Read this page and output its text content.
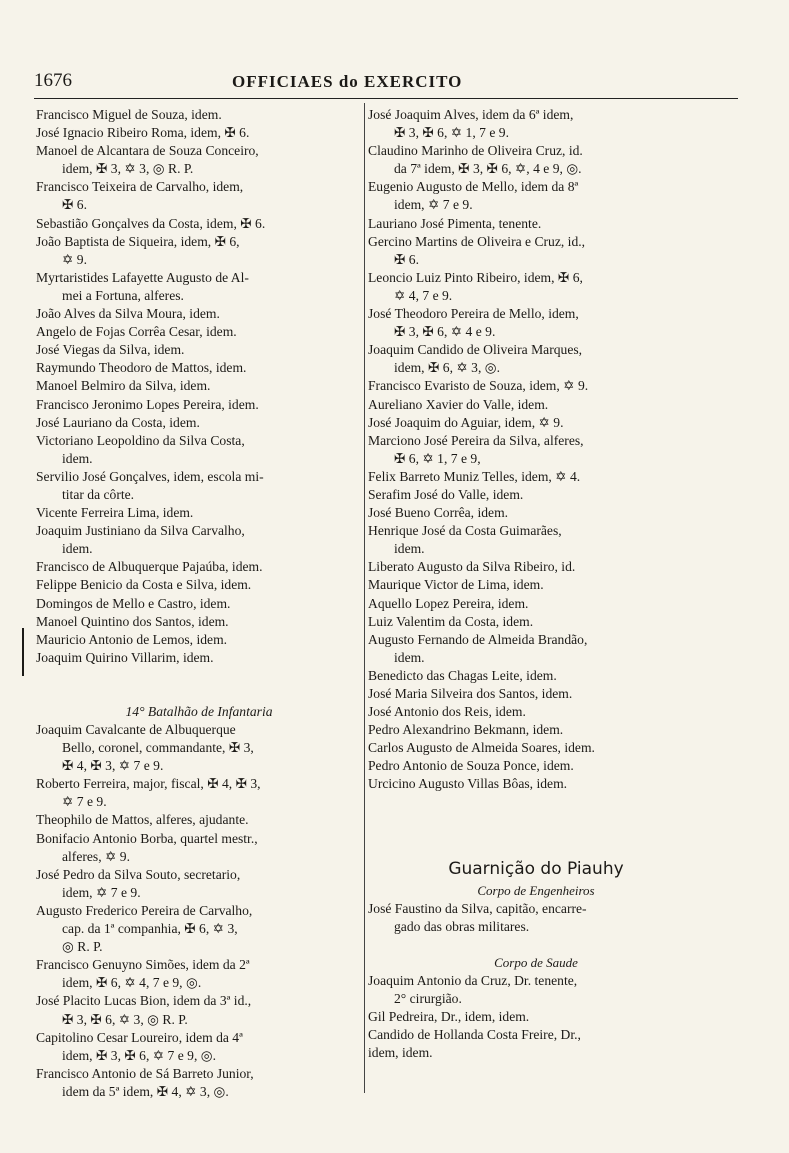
1676	OFFICIAES do EXERCITO
Francisco Miguel de Souza, idem.
José Ignacio Ribeiro Roma, idem, ✠ 6.
Manoel de Alcantara de Souza Conceiro,
idem, ✠ 3, ✡ 3, ◎ R. P.
Francisco Teixeira de Carvalho, idem,
✠ 6.
Sebastião Gonçalves da Costa, idem, ✠ 6.
João Baptista de Siqueira, idem, ✠ 6,
✡ 9.
Myrtaristides Lafayette Augusto de Al-
mei a Fortuna, alferes.
João Alves da Silva Moura, idem.
Angelo de Fojas Corrêa Cesar, idem.
José Viegas da Silva, idem.
Raymundo Theodoro de Mattos, idem.
Manoel Belmiro da Silva, idem.
Francisco Jeronimo Lopes Pereira, idem.
José Lauriano da Costa, idem.
Victoriano Leopoldino da Silva Costa,
idem.
Servilio José Gonçalves, idem, escola mi-
titar da côrte.
Vicente Ferreira Lima, idem.
Joaquim Justiniano da Silva Carvalho,
idem.
Francisco de Albuquerque Pajaúba, idem.
Felippe Benicio da Costa e Silva, idem.
Domingos de Mello e Castro, idem.
Manoel Quintino dos Santos, idem.
Mauricio Antonio de Lemos, idem.
Joaquim Quirino Villarim, idem.
14° Batalhão de Infantaria
Joaquim Cavalcante de Albuquerque
Bello, coronel, commandante, ✠ 3,
✠ 4, ✠ 3, ✡ 7 e 9.
Roberto Ferreira, major, fiscal, ✠ 4, ✠ 3,
✡ 7 e 9.
Theophilo de Mattos, alferes, ajudante.
Bonifacio Antonio Borba, quartel mestr.,
alferes, ✡ 9.
José Pedro da Silva Souto, secretario,
idem, ✡ 7 e 9.
Augusto Frederico Pereira de Carvalho,
cap. da 1ª companhia, ✠ 6, ✡ 3,
◎ R. P.
Francisco Genuyno Simões, idem da 2ª
idem, ✠ 6, ✡ 4, 7 e 9, ◎.
José Placito Lucas Bion, idem da 3ª id.,
✠ 3, ✠ 6, ✡ 3, ◎ R. P.
Capitolino Cesar Loureiro, idem da 4ª
idem, ✠ 3, ✠ 6, ✡ 7 e 9, ◎.
Francisco Antonio de Sá Barreto Junior,
idem da 5ª idem, ✠ 4, ✡ 3, ◎.
José Joaquim Alves, idem da 6ª idem,
✠ 3, ✠ 6, ✡ 1, 7 e 9.
Claudino Marinho de Oliveira Cruz, id.
da 7ª idem, ✠ 3, ✠ 6, ✡, 4 e 9, ◎.
Eugenio Augusto de Mello, idem da 8ª
idem, ✡ 7 e 9.
Lauriano José Pimenta, tenente.
Gercino Martins de Oliveira e Cruz, id.,
✠ 6.
Leoncio Luiz Pinto Ribeiro, idem, ✠ 6,
✡ 4, 7 e 9.
José Theodoro Pereira de Mello, idem,
✠ 3, ✠ 6, ✡ 4 e 9.
Joaquim Candido de Oliveira Marques,
idem, ✠ 6, ✡ 3, ◎.
Francisco Evaristo de Souza, idem, ✡ 9.
Aureliano Xavier do Valle, idem.
José Joaquim do Aguiar, idem, ✡ 9.
Marciono José Pereira da Silva, alferes,
✠ 6, ✡ 1, 7 e 9,
Felix Barreto Muniz Telles, idem, ✡ 4.
Serafim José do Valle, idem.
José Bueno Corrêa, idem.
Henrique José da Costa Guimarães,
idem.
Liberato Augusto da Silva Ribeiro, id.
Maurique Victor de Lima, idem.
Aquello Lopez Pereira, idem.
Luiz Valentim da Costa, idem.
Augusto Fernando de Almeida Brandão,
idem.
Benedicto das Chagas Leite, idem.
José Maria Silveira dos Santos, idem.
José Antonio dos Reis, idem.
Pedro Alexandrino Bekmann, idem.
Carlos Augusto de Almeida Soares, idem.
Pedro Antonio de Souza Ponce, idem.
Urcicino Augusto Villas Bôas, idem.
Guarnição do Piauhy
Corpo de Engenheiros
José Faustino da Silva, capitão, encarre-
gado das obras militares.
Corpo de Saude
Joaquim Antonio da Cruz, Dr. tenente,
2° cirurgião.
Gil Pedreira, Dr., idem, idem.
Candido de Hollanda Costa Freire, Dr.,
idem, idem.
